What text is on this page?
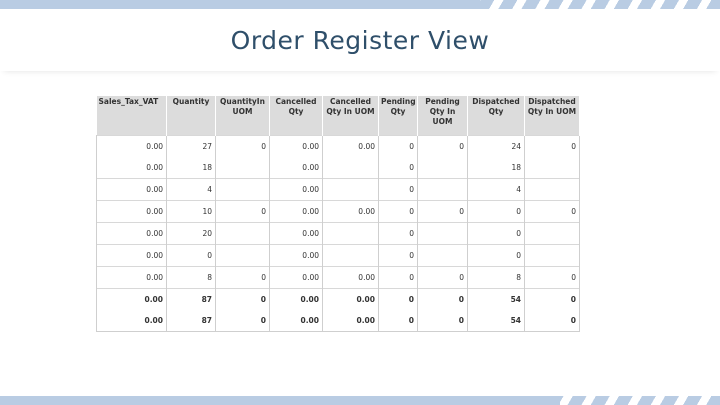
Order Register View
Sales_Tax_VAT	Quantity	QuantityIn UOM	Cancelled Qty	Cancelled Qty In UOM	Pending Qty	Pending Qty In UOM	Dispatched Qty	Dispatched Qty In UOM
0.00	27	0	0.00	0.00	0	0	24	0
0.00	18		0.00		0		18	
0.00	4		0.00		0		4	
0.00	10	0	0.00	0.00	0	0	0	0
0.00	20		0.00		0		0	
0.00	0		0.00		0		0	
0.00	8	0	0.00	0.00	0	0	8	0
0.00	87	0	0.00	0.00	0	0	54	0
0.00	87	0	0.00	0.00	0	0	54	0
